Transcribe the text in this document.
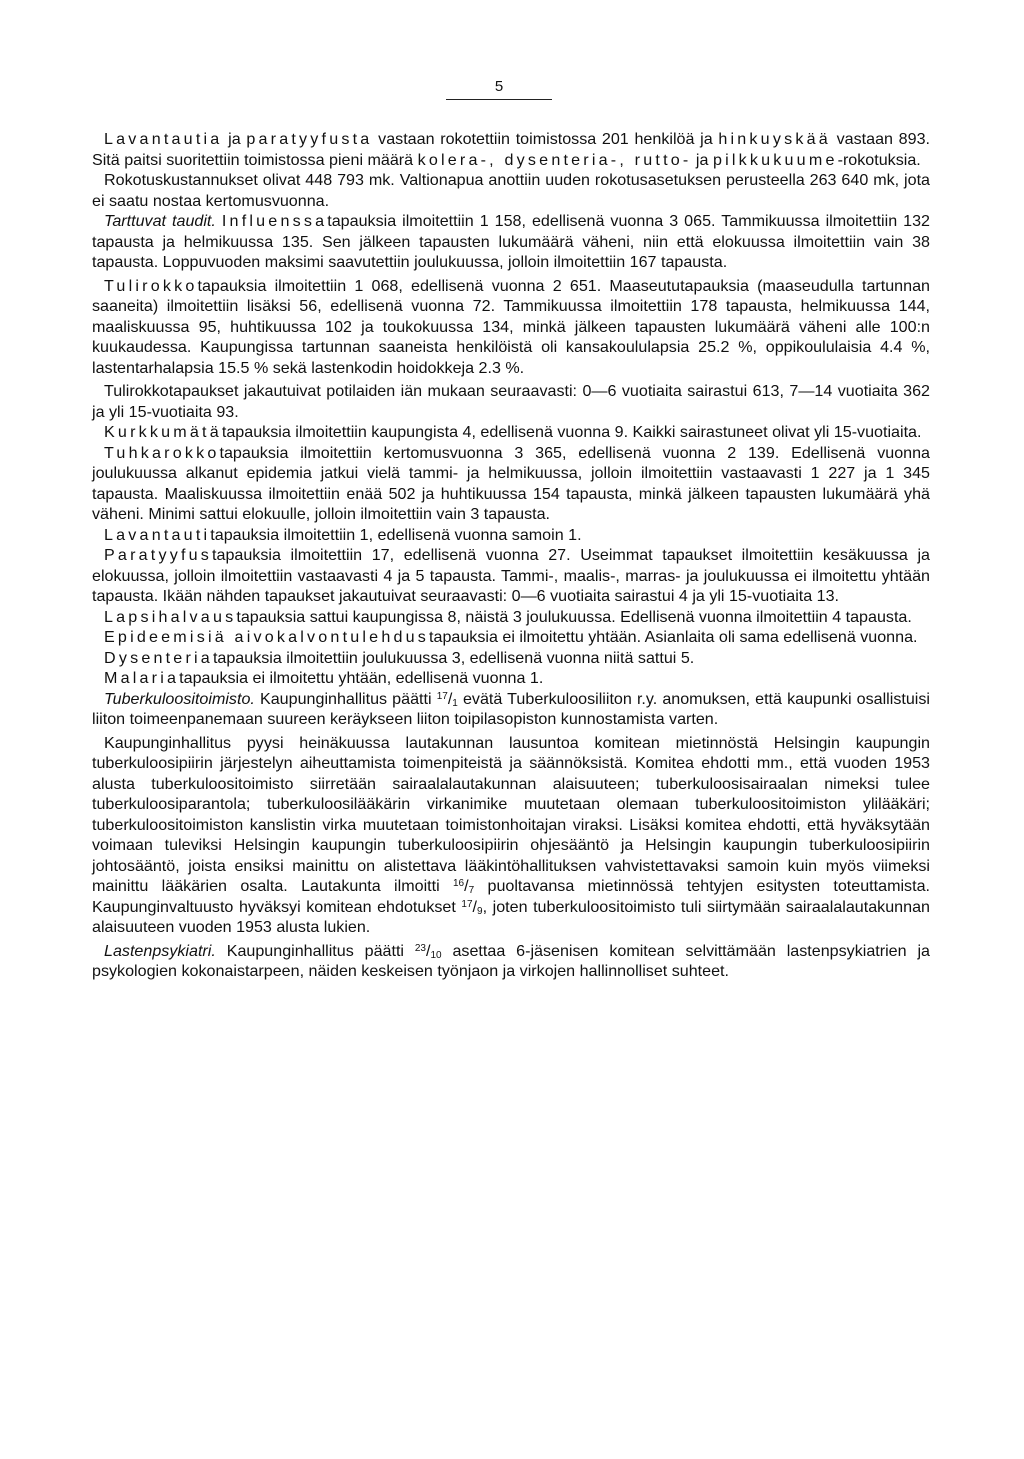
5

Lavantautia ja paratyyfusta vastaan rokotettiin toimistossa 201 henkilöä ja hinkuyskää vastaan 893. Sitä paitsi suoritettiin toimistossa pieni määrä kolera-, dysenteria-, rutto- ja pilkkukuume-rokotuksia.

Rokotuskustannukset olivat 448 793 mk. Valtionapua anottiin uuden rokotusasetuksen perusteella 263 640 mk, jota ei saatu nostaa kertomusvuonna.

Tarttuvat taudit. Influenssatapauksia ilmoitettiin 1 158, edellisenä vuonna 3 065. Tammikuussa ilmoitettiin 132 tapausta ja helmikuussa 135. Sen jälkeen tapausten lukumäärä väheni, niin että elokuussa ilmoitettiin vain 38 tapausta. Loppuvuoden maksimi saavutettiin joulukuussa, jolloin ilmoitettiin 167 tapausta.

Tulirokkotapauksia ilmoitettiin 1 068, edellisenä vuonna 2 651. Maaseututapauksia (maaseudulla tartunnan saaneita) ilmoitettiin lisäksi 56, edellisenä vuonna 72. Tammikuussa ilmoitettiin 178 tapausta, helmikuussa 144, maaliskuussa 95, huhtikuussa 102 ja toukokuussa 134, minkä jälkeen tapausten lukumäärä väheni alle 100:n kuukaudessa. Kaupungissa tartunnan saaneista henkilöistä oli kansakoululapsia 25.2 %, oppikoululaisia 4.4 %, lastentarhalapsia 15.5 % sekä lastenkodin hoidokkeja 2.3 %.

Tulirokkotapaukset jakautuivat potilaiden iän mukaan seuraavasti: 0—6 vuotiaita sairastui 613, 7—14 vuotiaita 362 ja yli 15-vuotiaita 93.

Kurkkumätätapauksia ilmoitettiin kaupungista 4, edellisenä vuonna 9. Kaikki sairastuneet olivat yli 15-vuotiaita.

Tuhkarokkotapauksia ilmoitettiin kertomusvuonna 3 365, edellisenä vuonna 2 139. Edellisenä vuonna joulukuussa alkanut epidemia jatkui vielä tammi- ja helmikuussa, jolloin ilmoitettiin vastaavasti 1 227 ja 1 345 tapausta. Maaliskuussa ilmoitettiin enää 502 ja huhtikuussa 154 tapausta, minkä jälkeen tapausten lukumäärä yhä väheni. Minimi sattui elokuulle, jolloin ilmoitettiin vain 3 tapausta.

Lavantautitapauksia ilmoitettiin 1, edellisenä vuonna samoin 1.

Paratyyfustapauksia ilmoitettiin 17, edellisenä vuonna 27. Useimmat tapaukset ilmoitettiin kesäkuussa ja elokuussa, jolloin ilmoitettiin vastaavasti 4 ja 5 tapausta. Tammi-, maalis-, marras- ja joulukuussa ei ilmoitettu yhtään tapausta. Ikään nähden tapaukset jakautuivat seuraavasti: 0—6 vuotiaita sairastui 4 ja yli 15-vuotiaita 13.

Lapsihalvaustapauksia sattui kaupungissa 8, näistä 3 joulukuussa. Edellisenä vuonna ilmoitettiin 4 tapausta.

Epideemisiä aivokalvontulehdustapauksia ei ilmoitettu yhtään. Asianlaita oli sama edellisenä vuonna.

Dysenteriatapauksia ilmoitettiin joulukuussa 3, edellisenä vuonna niitä sattui 5.

Malariatapauksia ei ilmoitettu yhtään, edellisenä vuonna 1.

Tuberkuloositoimisto. Kaupunginhallitus päätti $^{17}/_1$ evätä Tuberkuloosiliiton r.y. anomuksen, että kaupunki osallistuisi liiton toimeenpanemaan suureen keräykseen liiton toipilasopiston kunnostamista varten.

Kaupunginhallitus pyysi heinäkuussa lautakunnan lausuntoa komitean mietinnöstä Helsingin kaupungin tuberkuloosipiirin järjestelyn aiheuttamista toimenpiteistä ja säännöksistä. Komitea ehdotti mm., että vuoden 1953 alusta tuberkuloositoimisto siirretään sairaalalautakunnan alaisuuteen; tuberkuloosisairaalan nimeksi tulee tuberkuloosiparantola; tuberkuloosilääkärin virkanimike muutetaan olemaan tuberkuloositoimiston ylilääkäri; tuberkuloositoimiston kanslistin virka muutetaan toimistonhoitajan viraksi. Lisäksi komitea ehdotti, että hyväksytään voimaan tuleviksi Helsingin kaupungin tuberkuloosipiirin ohjesääntö ja Helsingin kaupungin tuberkuloosipiirin johtosääntö, joista ensiksi mainittu on alistettava lääkintöhallituksen vahvistettavaksi samoin kuin myös viimeksi mainittu lääkärien osalta. Lautakunta ilmoitti $^{16}/_7$ puoltavansa mietinnössä tehtyjen esitysten toteuttamista. Kaupunginvaltuusto hyväksyi komitean ehdotukset $^{17}/_9$, joten tuberkuloositoimisto tuli siirtymään sairaalalautakunnan alaisuuteen vuoden 1953 alusta lukien.

Lastenpsykiatri. Kaupunginhallitus päätti $^{23}/_{10}$ asettaa 6-jäsenisen komitean selvittämään lastenpsykiatrien ja psykologien kokonaistarpeen, näiden keskeisen työnjaon ja virkojen hallinnolliset suhteet.
